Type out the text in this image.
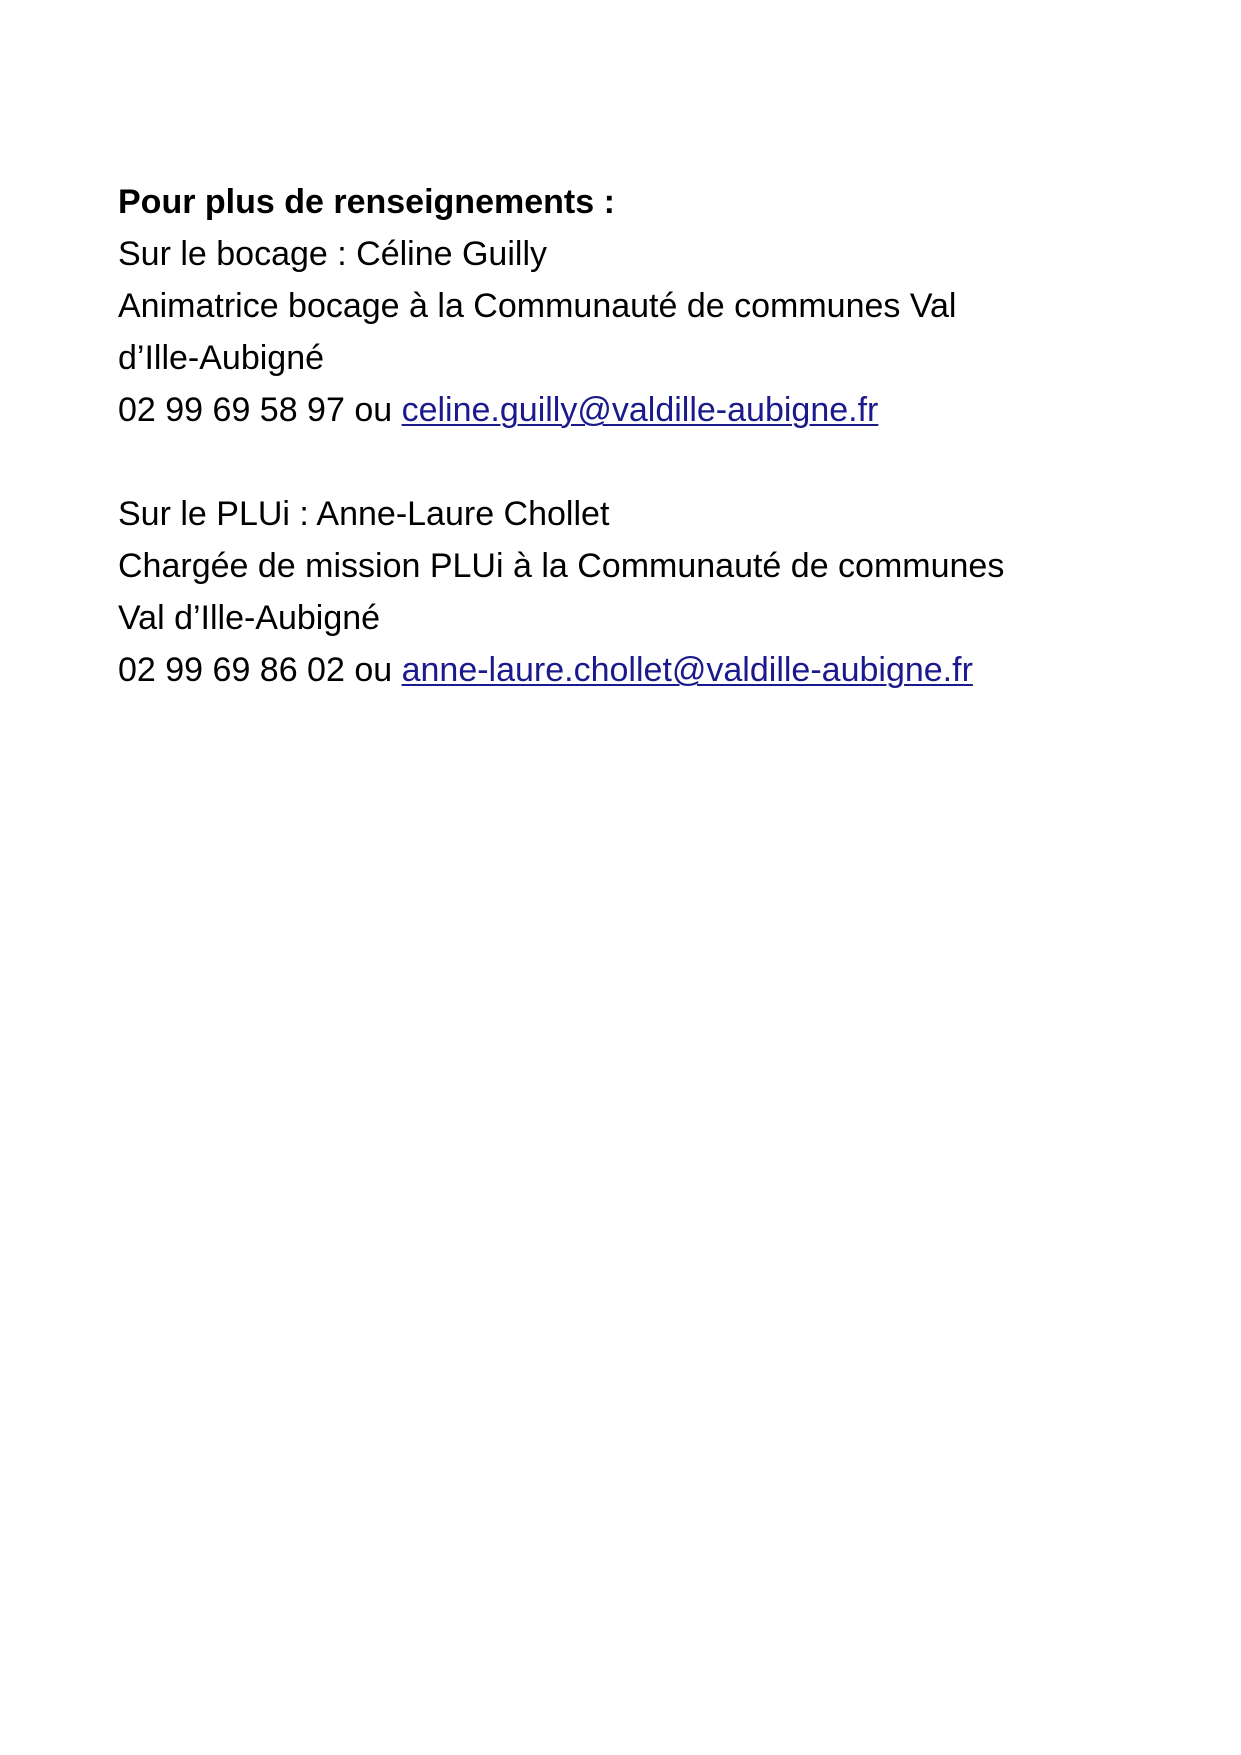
Pour plus de renseignements :
Sur le bocage : Céline Guilly
Animatrice bocage à la Communauté de communes Val
d’Ille-Aubigné
02 99 69 58 97 ou celine.guilly@valdille-aubigne.fr
Sur le PLUi : Anne-Laure Chollet
Chargée de mission PLUi à la Communauté de communes
Val d’Ille-Aubigné
02 99 69 86 02 ou anne-laure.chollet@valdille-aubigne.fr
